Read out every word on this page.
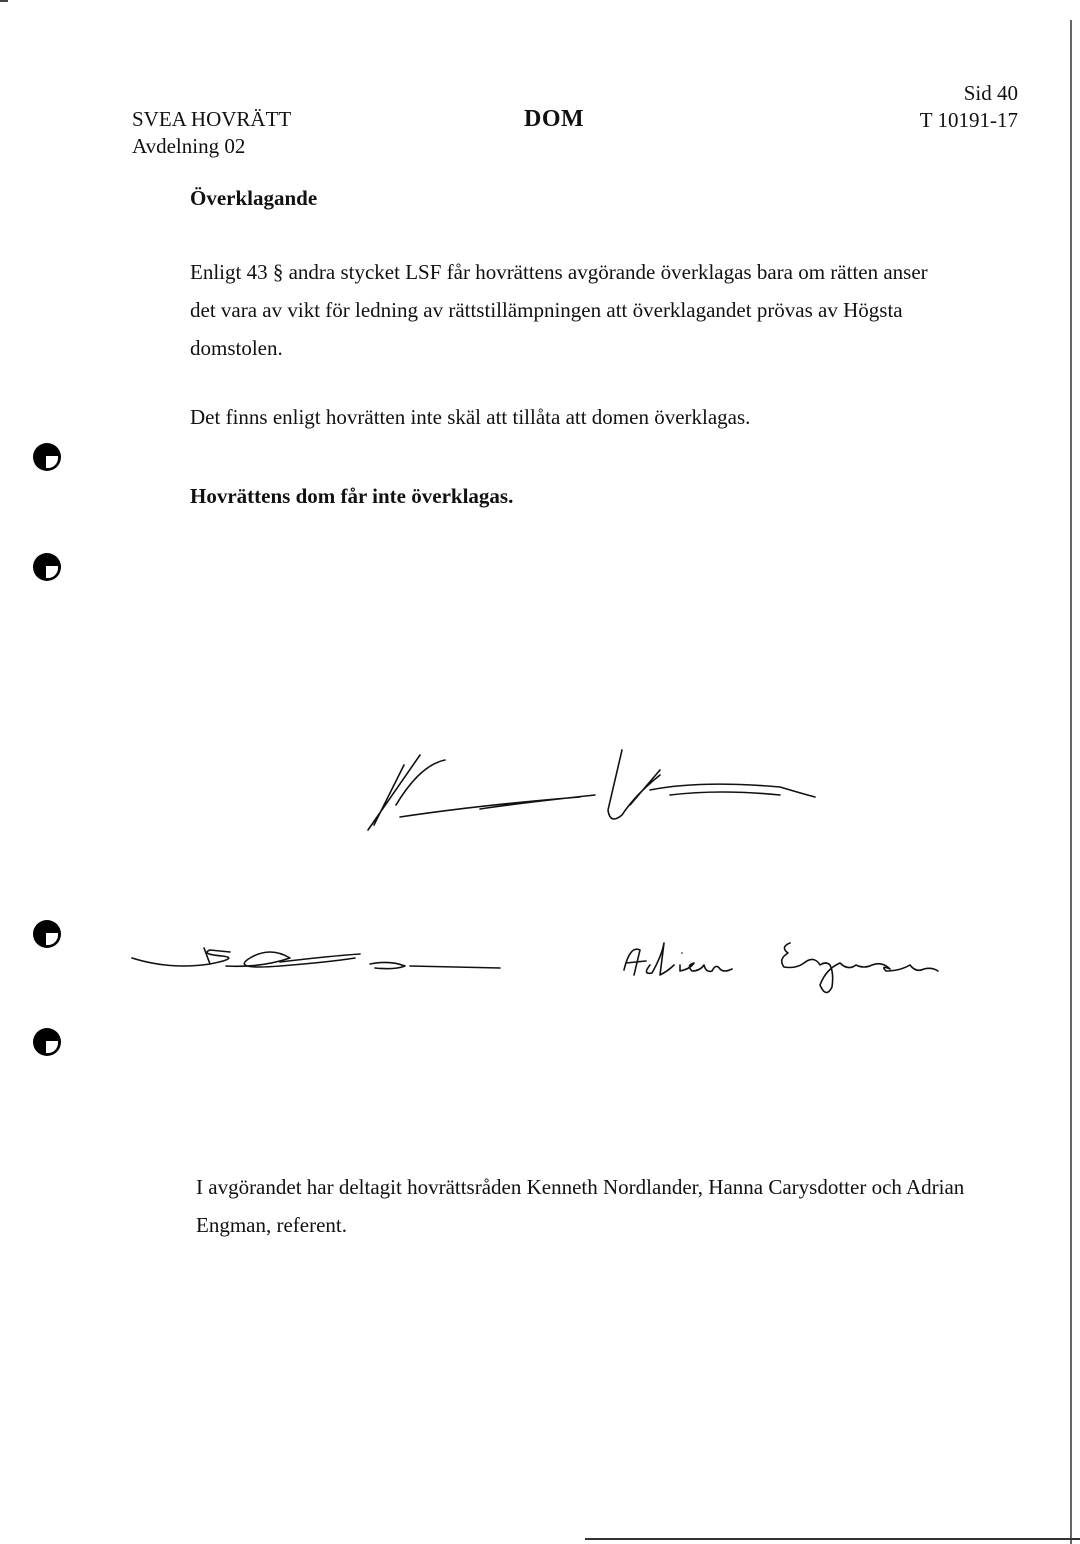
SVEA HOVRÄTT
Avdelning 02
DOM
Sid 40
T 10191-17
Överklagande
Enligt 43 § andra stycket LSF får hovrättens avgörande överklagas bara om rätten anser det vara av vikt för ledning av rättstillämpningen att överklagandet prövas av Högsta domstolen.
Det finns enligt hovrätten inte skäl att tillåta att domen överklagas.
Hovrättens dom får inte överklagas.
I avgörandet har deltagit hovrättsråden Kenneth Nordlander, Hanna Carysdotter och Adrian Engman, referent.
